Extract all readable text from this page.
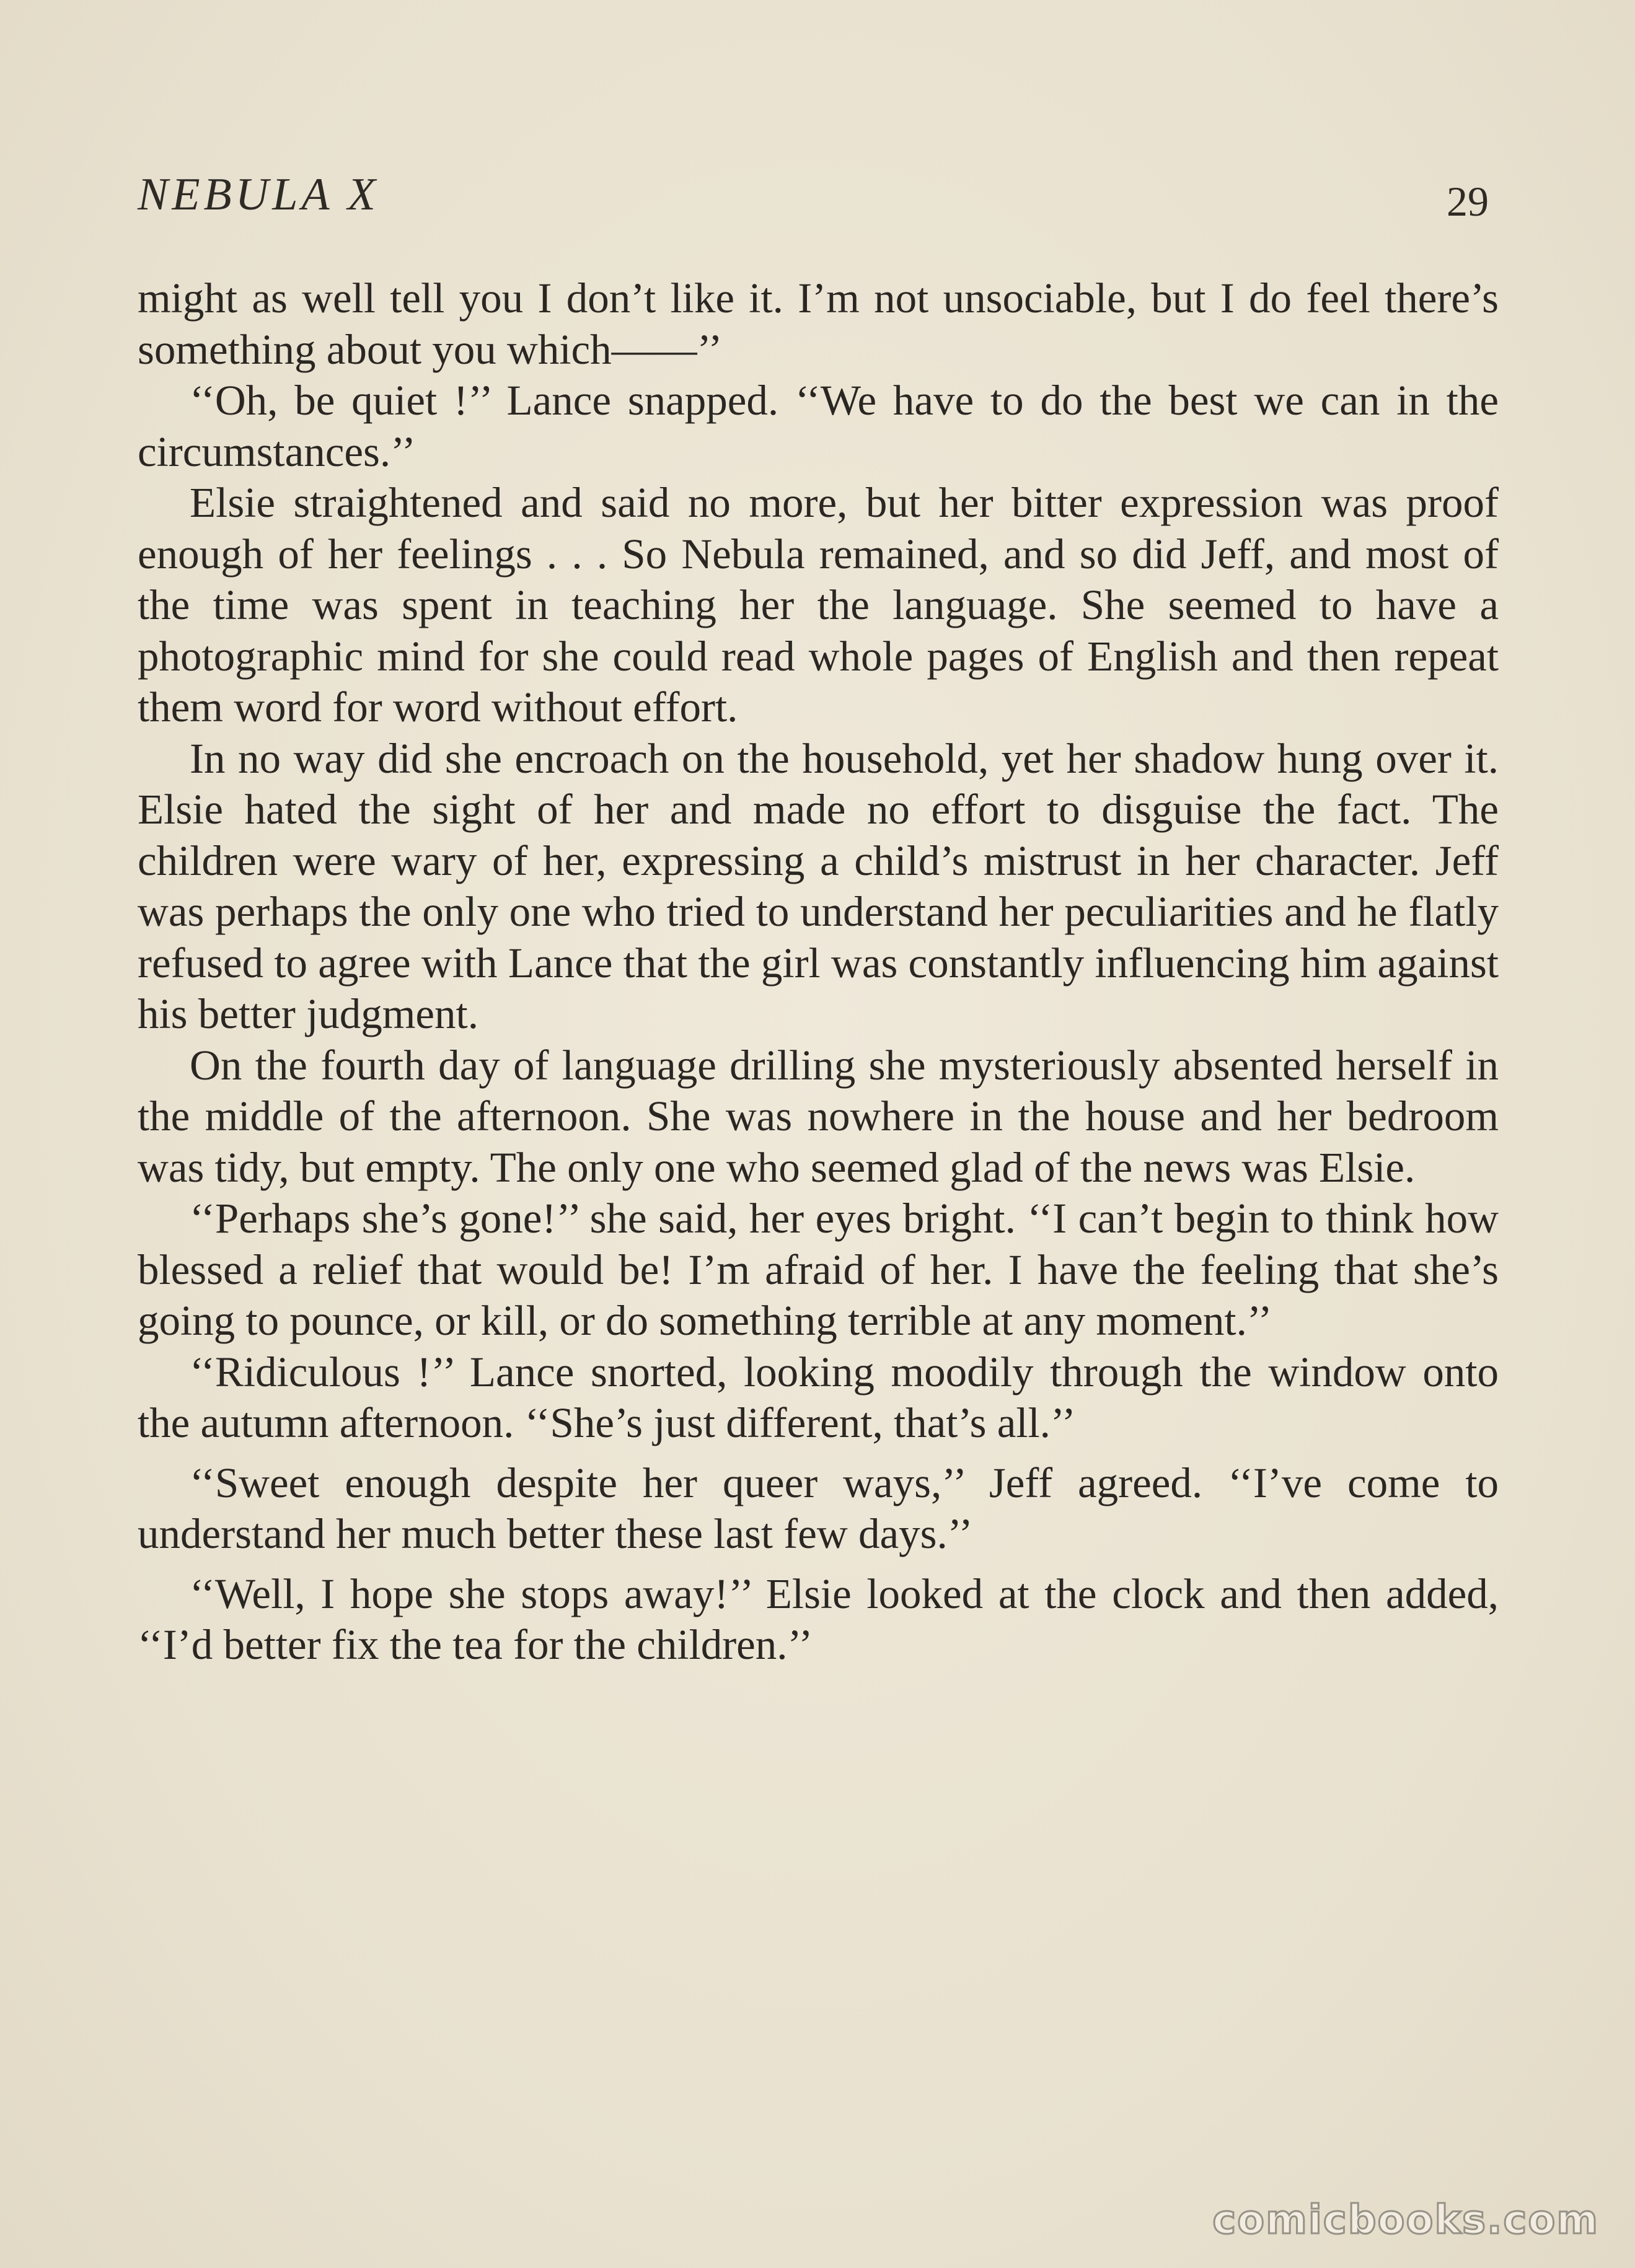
NEBULA X	29

might as well tell you I don’t like it. I’m not unsociable, but I do feel there’s something about you which——’’

‘‘Oh, be quiet !’’ Lance snapped. ‘‘We have to do the best we can in the circumstances.’’

Elsie straightened and said no more, but her bitter expression was proof enough of her feelings . . . So Nebula remained, and so did Jeff, and most of the time was spent in teaching her the language. She seemed to have a photographic mind for she could read whole pages of English and then repeat them word for word without effort.

In no way did she encroach on the household, yet her shadow hung over it. Elsie hated the sight of her and made no effort to disguise the fact. The children were wary of her, expressing a child’s mistrust in her character. Jeff was perhaps the only one who tried to understand her peculiarities and he flatly refused to agree with Lance that the girl was constantly influencing him against his better judgment.

On the fourth day of language drilling she mysteriously absented herself in the middle of the afternoon. She was nowhere in the house and her bedroom was tidy, but empty. The only one who seemed glad of the news was Elsie.

‘‘Perhaps she’s gone!’’ she said, her eyes bright. ‘‘I can’t begin to think how blessed a relief that would be! I’m afraid of her. I have the feeling that she’s going to pounce, or kill, or do something terrible at any moment.’’

‘‘Ridiculous !’’ Lance snorted, looking moodily through the window onto the autumn afternoon. ‘‘She’s just different, that’s all.’’

‘‘Sweet enough despite her queer ways,’’ Jeff agreed. ‘‘I’ve come to understand her much better these last few days.’’

‘‘Well, I hope she stops away!’’ Elsie looked at the clock and then added, ‘‘I’d better fix the tea for the children.’’

comicbooks.com
